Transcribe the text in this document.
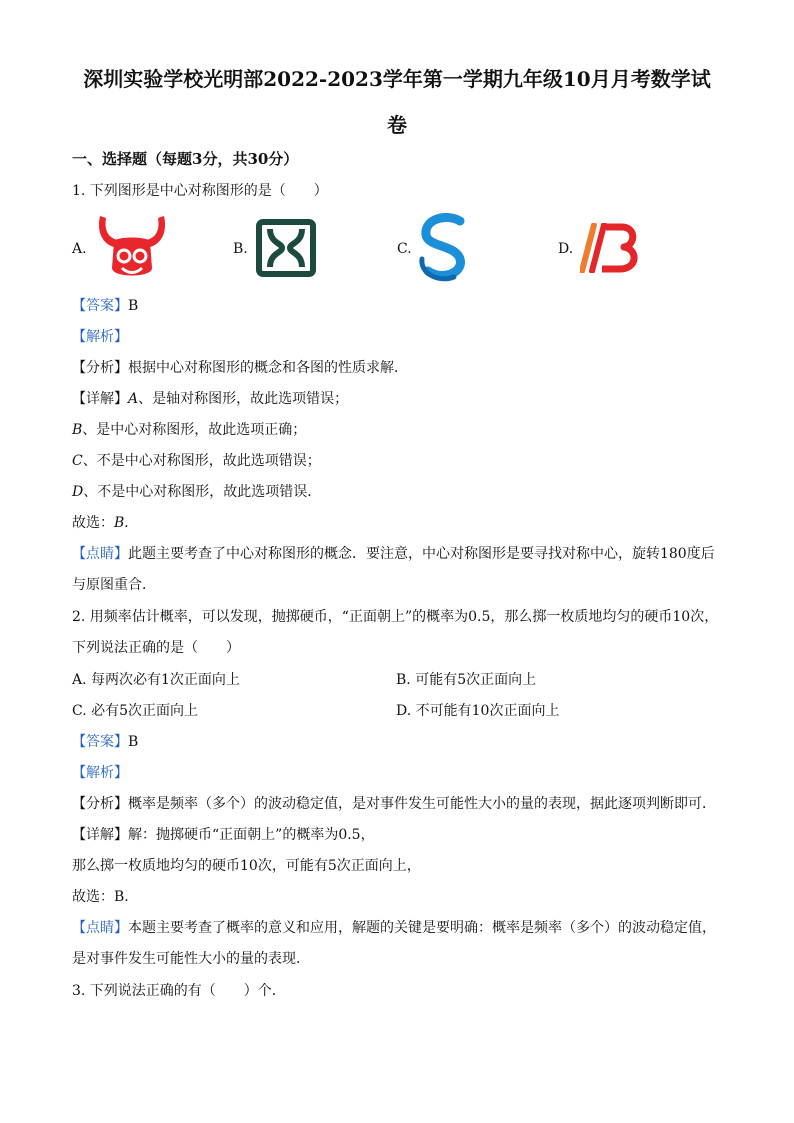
深圳实验学校光明部2022-2023学年第一学期九年级10月月考数学试
卷

一、选择题（每题3分，共30分）

1. 下列图形是中心对称图形的是（　　）

A.	B.	C.	D.

【答案】B

【解析】

【分析】根据中心对称图形的概念和各图的性质求解．

【详解】A、是轴对称图形，故此选项错误；

B、是中心对称图形，故此选项正确；

C、不是中心对称图形，故此选项错误；

D、不是中心对称图形，故此选项错误．

故选：B．

【点睛】此题主要考查了中心对称图形的概念．要注意，中心对称图形是要寻找对称中心，旋转180度后

与原图重合．

2. 用频率估计概率，可以发现，抛掷硬币，“正面朝上”的概率为0.5，那么掷一枚质地均匀的硬币10次，

下列说法正确的是（　　）

A. 每两次必有1次正面向上	B. 可能有5次正面向上

C. 必有5次正面向上	D. 不可能有10次正面向上

【答案】B

【解析】

【分析】概率是频率（多个）的波动稳定值，是对事件发生可能性大小的量的表现，据此逐项判断即可．

【详解】解：抛掷硬币“正面朝上”的概率为0.5，

那么掷一枚质地均匀的硬币10次，可能有5次正面向上，

故选：B．

【点睛】本题主要考查了概率的意义和应用，解题的关键是要明确：概率是频率（多个）的波动稳定值，

是对事件发生可能性大小的量的表现．

3. 下列说法正确的有（　　）个．
